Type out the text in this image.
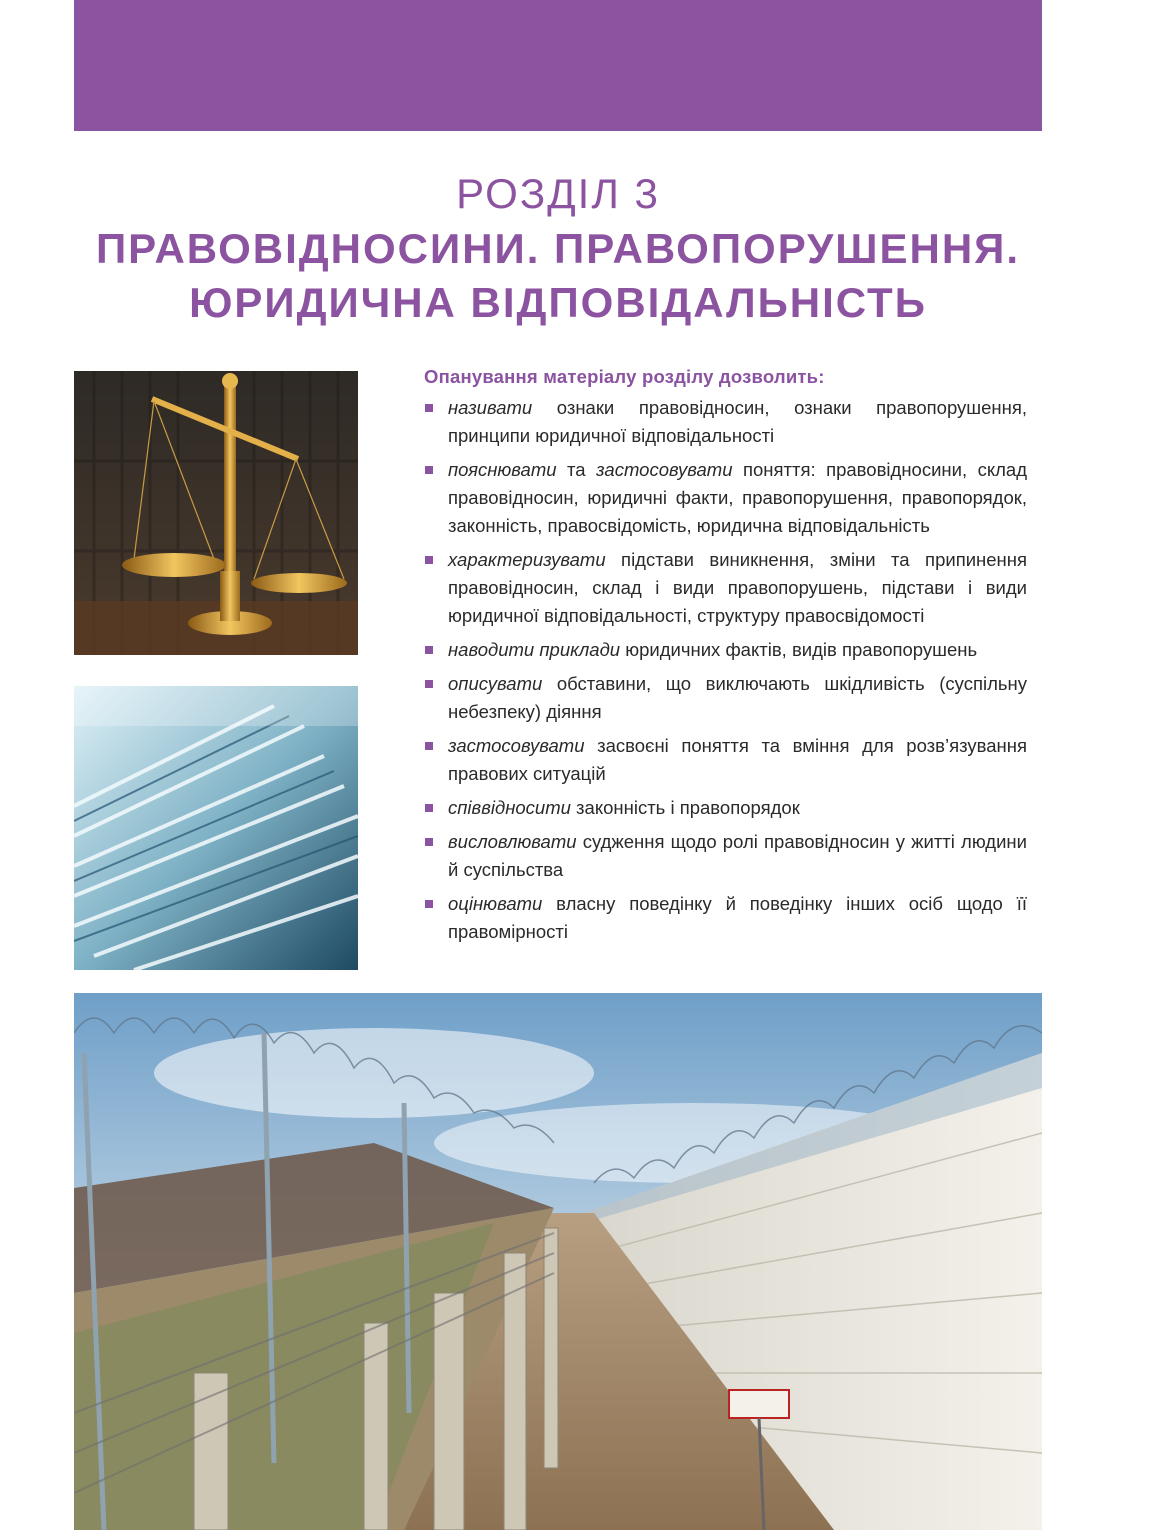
РОЗДІЛ 3
ПРАВОВІДНОСИНИ. ПРАВОПОРУШЕННЯ.
ЮРИДИЧНА ВІДПОВІДАЛЬНІСТЬ
Опанування матеріалу розділу дозволить:
називати ознаки правовідносин, ознаки правопорушення, принципи юридичної відповідальності
пояснювати та застосовувати поняття: правовідносини, склад правовідносин, юридичні факти, правопорушення, правопорядок, законність, правосвідомість, юридична відповідальність
характеризувати підстави виникнення, зміни та припинення правовідносин, склад і види правопорушень, підстави і види юридичної відповідальності, структуру правосвідомості
наводити приклади юридичних фактів, видів правопорушень
описувати обставини, що виключають шкідливість (суспільну небезпеку) діяння
застосовувати засвоєні поняття та вміння для розв’язування правових ситуацій
співвідносити законність і правопорядок
висловлювати судження щодо ролі правовідносин у житті людини й суспільства
оцінювати власну поведінку й поведінку інших осіб щодо її правомірності
